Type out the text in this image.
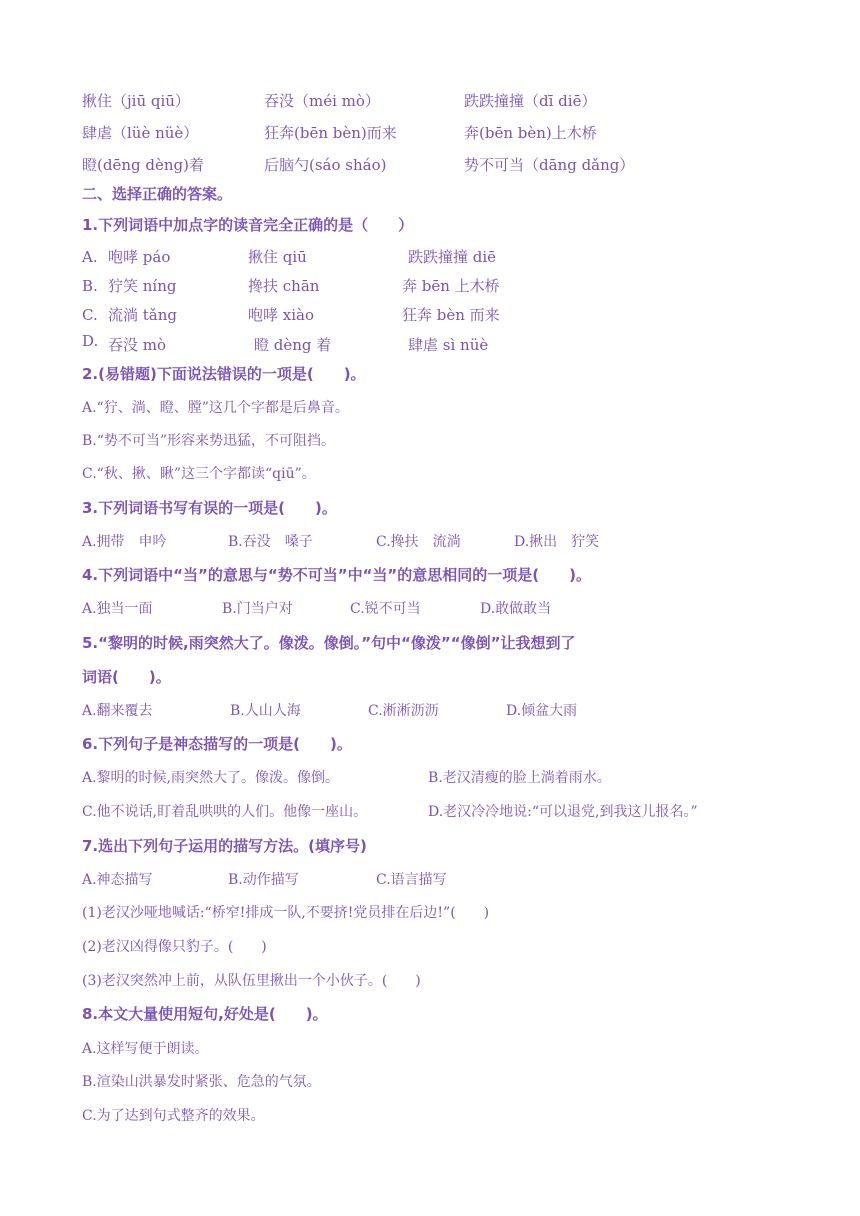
揪住（jiū qiū）	吞没（méi mò）	跌跌撞撞（dī diē）
肆虐（lüè nüè）	狂奔(bēn bèn)而来	奔(bēn bèn)上木桥
瞪(dēng dèng)着	后脑勺(sáo sháo)	势不可当（dāng dǎng）
二、选择正确的答案。
1.下列词语中加点字的读音完全正确的是（　　）
A. 咆哮 páo	揪住 qiū	跌跌撞撞 diē
B. 狞笑 níng	搀扶 chān	奔 bēn 上木桥
C. 流淌 tǎng	咆哮 xiào	狂奔 bèn 而来
D. 吞没 mò	瞪 dèng 着	肆虐 sì nüè
2.(易错题)下面说法错误的一项是(　　)。
A.“狞、淌、瞪、膛”这几个字都是后鼻音。
B.“势不可当”形容来势迅猛，不可阻挡。
C.“秋、揪、瞅”这三个字都读“qiū”。
3.下列词语书写有误的一项是(　　)。
A.拥带　申吟	B.吞没　嗓子	C.搀扶　流淌	D.揪出　狞笑
4.下列词语中“当”的意思与“势不可当”中“当”的意思相同的一项是(　　)。
A.独当一面	B.门当户对	C.锐不可当	D.敢做敢当
5.“黎明的时候,雨突然大了。像泼。像倒。”句中“像泼”“像倒”让我想到了
词语(　　)。
A.翻来覆去	B.人山人海	C.淅淅沥沥	D.倾盆大雨
6.下列句子是神态描写的一项是(　　)。
A.黎明的时候,雨突然大了。像泼。像倒。	B.老汉清瘦的脸上淌着雨水。
C.他不说话,盯着乱哄哄的人们。他像一座山。	D.老汉冷冷地说:“可以退党,到我这儿报名。”
7.选出下列句子运用的描写方法。(填序号)
A.神态描写	B.动作描写	C.语言描写
(1)老汉沙哑地喊话:“桥窄!排成一队,不要挤!党员排在后边!”(　　)
(2)老汉凶得像只豹子。(　　)
(3)老汉突然冲上前，从队伍里揪出一个小伙子。(　　)
8.本文大量使用短句,好处是(　　)。
A.这样写便于朗读。
B.渲染山洪暴发时紧张、危急的气氛。
C.为了达到句式整齐的效果。
